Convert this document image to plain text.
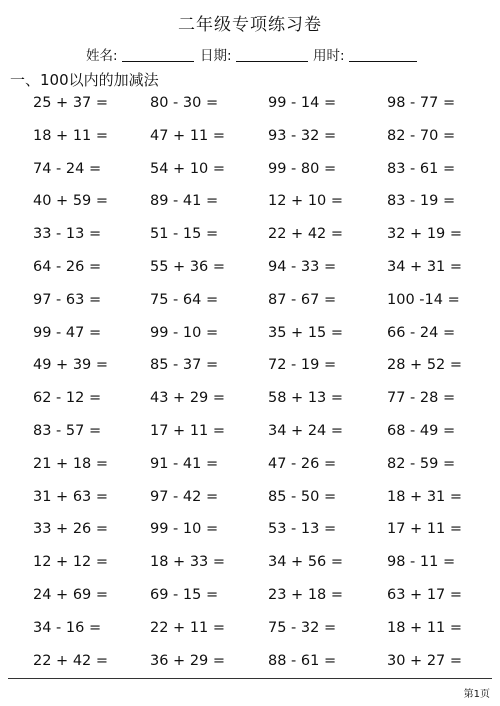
二年级专项练习卷
姓名:	日期:	用时:
一、100以内的加减法
25 + 37 =	80 - 30 =	99 - 14 =	98 - 77 =
18 + 11 =	47 + 11 =	93 - 32 =	82 - 70 =
74 - 24 =	54 + 10 =	99 - 80 =	83 - 61 =
40 + 59 =	89 - 41 =	12 + 10 =	83 - 19 =
33 - 13 =	51 - 15 =	22 + 42 =	32 + 19 =
64 - 26 =	55 + 36 =	94 - 33 =	34 + 31 =
97 - 63 =	75 - 64 =	87 - 67 =	100 -14 =
99 - 47 =	99 - 10 =	35 + 15 =	66 - 24 =
49 + 39 =	85 - 37 =	72 - 19 =	28 + 52 =
62 - 12 =	43 + 29 =	58 + 13 =	77 - 28 =
83 - 57 =	17 + 11 =	34 + 24 =	68 - 49 =
21 + 18 =	91 - 41 =	47 - 26 =	82 - 59 =
31 + 63 =	97 - 42 =	85 - 50 =	18 + 31 =
33 + 26 =	99 - 10 =	53 - 13 =	17 + 11 =
12 + 12 =	18 + 33 =	34 + 56 =	98 - 11 =
24 + 69 =	69 - 15 =	23 + 18 =	63 + 17 =
34 - 16 =	22 + 11 =	75 - 32 =	18 + 11 =
22 + 42 =	36 + 29 =	88 - 61 =	30 + 27 =
第1页
